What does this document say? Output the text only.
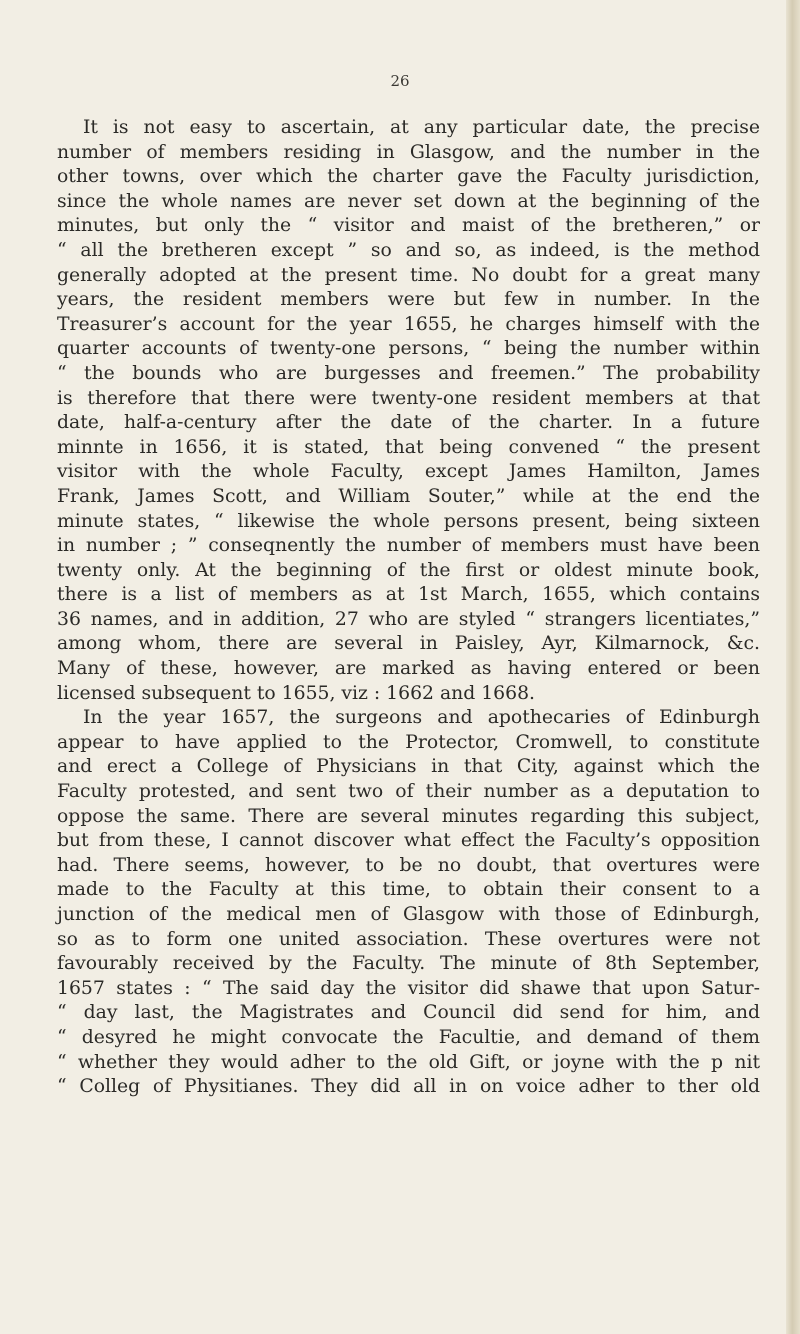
26

It is not easy to ascertain, at any particular date, the precise
number of members residing in Glasgow, and the number in the
other towns, over which the charter gave the Faculty jurisdiction,
since the whole names are never set down at the beginning of the
minutes, but only the “ visitor and maist of the bretheren,” or
“ all the bretheren except ” so and so, as indeed, is the method
generally adopted at the present time. No doubt for a great many
years, the resident members were but few in number. In the
Treasurer’s account for the year 1655, he charges himself with the
quarter accounts of twenty-one persons, “ being the number within
“ the bounds who are burgesses and freemen.” The probability
is therefore that there were twenty-one resident members at that
date, half-a-century after the date of the charter. In a future
minnte in 1656, it is stated, that being convened “ the present
visitor with the whole Faculty, except James Hamilton, James
Frank, James Scott, and William Souter,” while at the end the
minute states, “ likewise the whole persons present, being sixteen
in number ; ” conseqnently the number of members must have been
twenty only. At the beginning of the first or oldest minute book,
there is a list of members as at 1st March, 1655, which contains
36 names, and in addition, 27 who are styled “ strangers licentiates,”
among whom, there are several in Paisley, Ayr, Kilmarnock, &c.
Many of these, however, are marked as having entered or been
licensed subsequent to 1655, viz : 1662 and 1668.
In the year 1657, the surgeons and apothecaries of Edinburgh
appear to have applied to the Protector, Cromwell, to constitute
and erect a College of Physicians in that City, against which the
Faculty protested, and sent two of their number as a deputation to
oppose the same. There are several minutes regarding this subject,
but from these, I cannot discover what effect the Faculty’s opposition
had. There seems, however, to be no doubt, that overtures were
made to the Faculty at this time, to obtain their consent to a
junction of the medical men of Glasgow with those of Edinburgh,
so as to form one united association. These overtures were not
favourably received by the Faculty. The minute of 8th September,
1657 states : “ The said day the visitor did shawe that upon Satur-
“ day last, the Magistrates and Council did send for him, and
“ desyred he might convocate the Facultie, and demand of them
“ whether they would adher to the old Gift, or joyne with the p nit
“ Colleg of Physitianes. They did all in on voice adher to ther old
